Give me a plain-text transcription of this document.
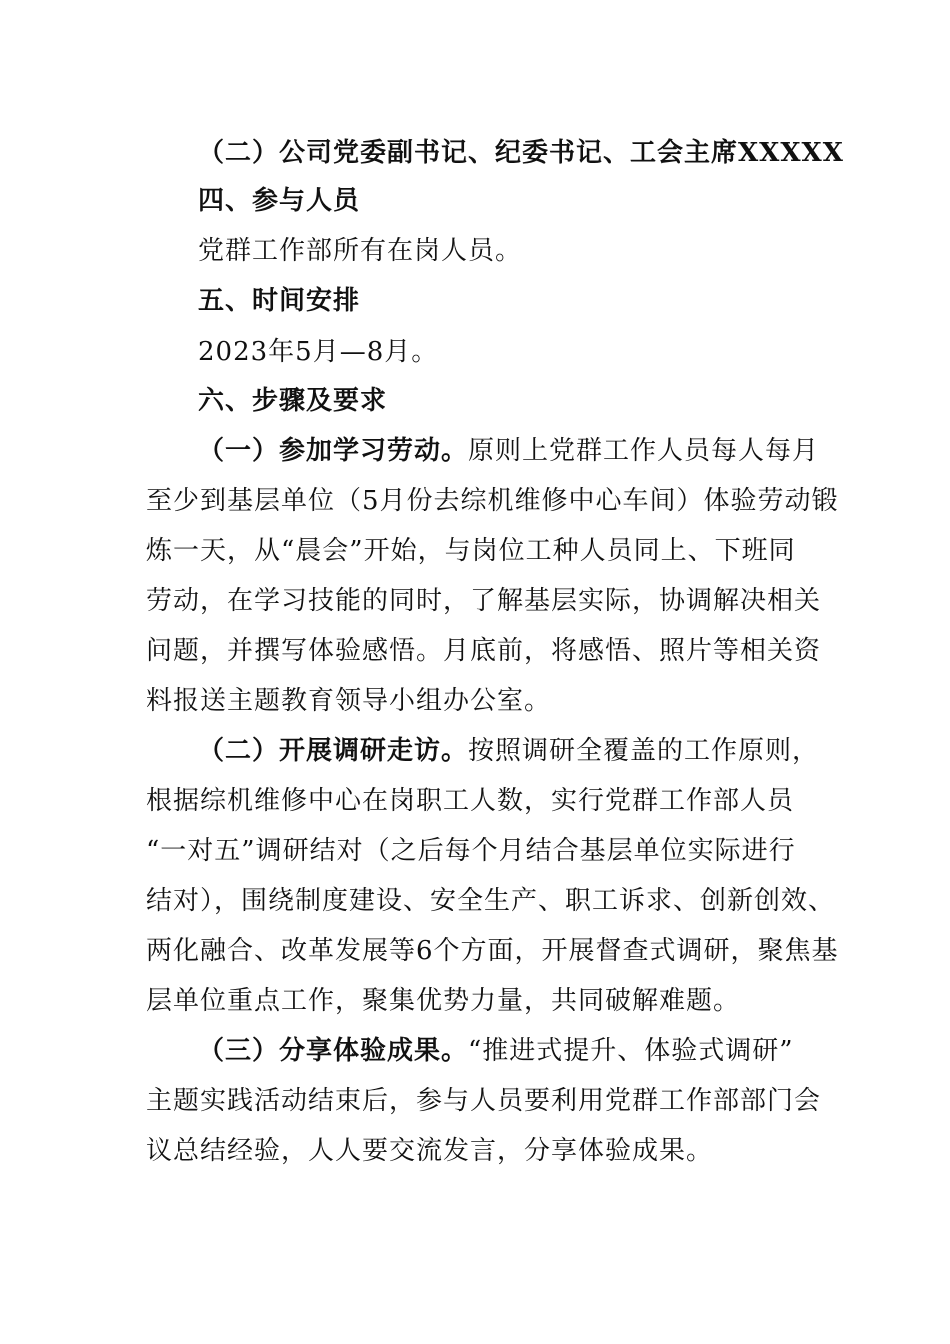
（二）公司党委副书记、纪委书记、工会主席XXXXX
四、参与人员
党群工作部所有在岗人员。
五、时间安排
2023年5月—8月。
六、步骤及要求
（一）参加学习劳动。原则上党群工作人员每人每月
至少到基层单位（5月份去综机维修中心车间）体验劳动锻
炼一天，从“晨会”开始，与岗位工种人员同上、下班同
劳动，在学习技能的同时，了解基层实际，协调解决相关
问题，并撰写体验感悟。月底前，将感悟、照片等相关资
料报送主题教育领导小组办公室。
（二）开展调研走访。按照调研全覆盖的工作原则，
根据综机维修中心在岗职工人数，实行党群工作部人员
“一对五”调研结对（之后每个月结合基层单位实际进行
结对），围绕制度建设、安全生产、职工诉求、创新创效、
两化融合、改革发展等6个方面，开展督查式调研，聚焦基
层单位重点工作，聚集优势力量，共同破解难题。
（三）分享体验成果。“推进式提升、体验式调研”
主题实践活动结束后，参与人员要利用党群工作部部门会
议总结经验，人人要交流发言，分享体验成果。
